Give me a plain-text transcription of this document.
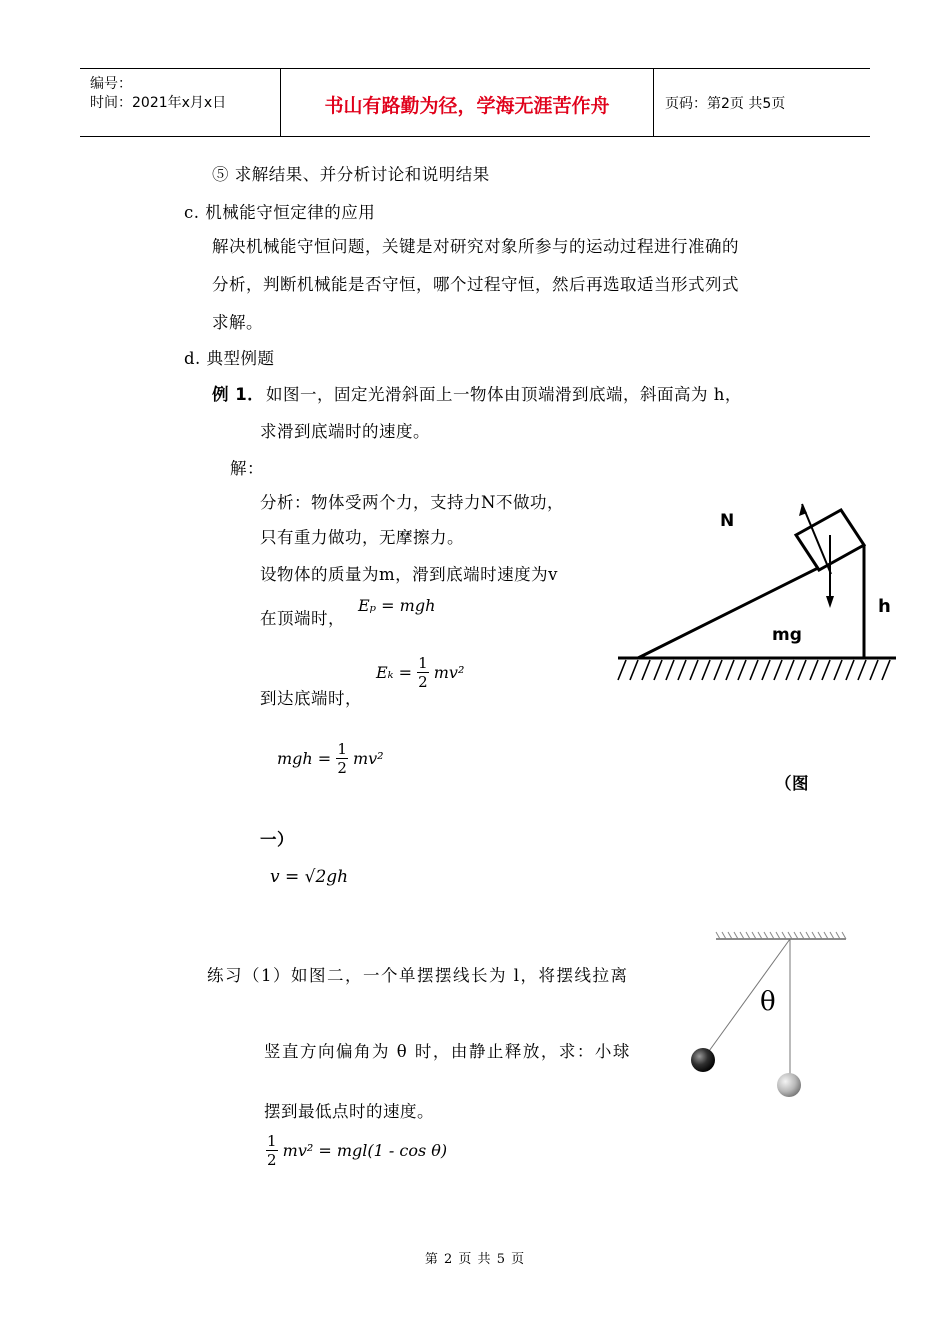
编号：
时间：2021年x月x日	书山有路勤为径，学海无涯苦作舟	页码：第2页 共5页
⑤ 求解结果、并分析讨论和说明结果
c. 机械能守恒定律的应用
解决机械能守恒问题，关键是对研究对象所参与的运动过程进行准确的
分析，判断机械能是否守恒，哪个过程守恒，然后再选取适当形式列式
求解。
d. 典型例题
例 1． 如图一，固定光滑斜面上一物体由顶端滑到底端，斜面高为 h，
求滑到底端时的速度。
解：
分析：物体受两个力，支持力N不做功，
只有重力做功，无摩擦力。
设物体的质量为m，滑到底端时速度为v
在顶端时，
Eₚ = mgh
到达底端时，
$E_k = \frac{1}{2} mv^2$
mgh = $\frac{1}{2} mv^2$
（图
一）
v = √2gh
N
mg
h
练习（1）如图二，一个单摆摆线长为 l，将摆线拉离
竖直方向偏角为 θ 时，由静止释放，求：小球
摆到最低点时的速度。
$\frac{1}{2} mv^2 = mgl(1 - \cos \theta)$
θ
第 2 页 共 5 页
